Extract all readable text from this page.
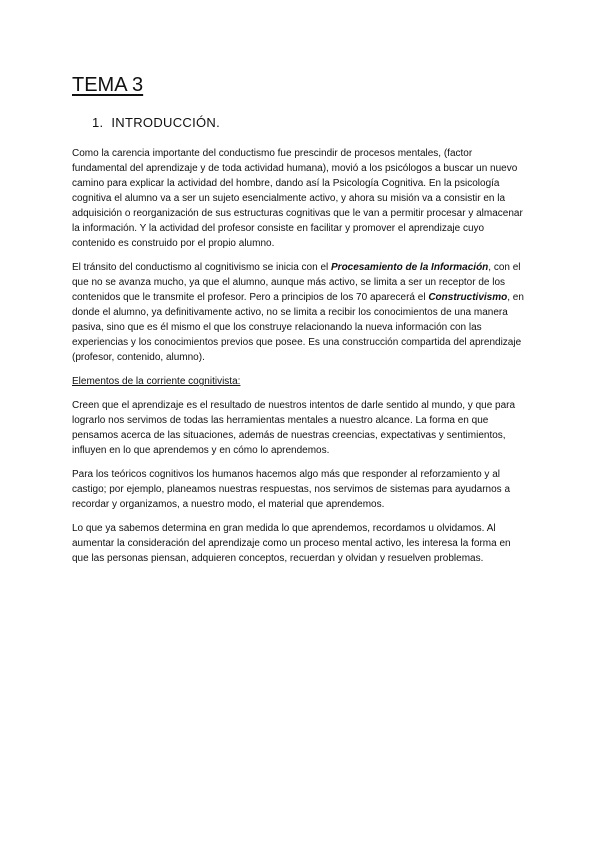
TEMA 3
1. INTRODUCCIÓN.

Como la carencia importante del conductismo fue prescindir de procesos mentales, (factor fundamental del aprendizaje y de toda actividad humana), movió a los psicólogos a buscar un nuevo camino para explicar la actividad del hombre, dando así la Psicología Cognitiva. En la psicología cognitiva el alumno va a ser un sujeto esencialmente activo, y ahora su misión va a consistir en la adquisición o reorganización de sus estructuras cognitivas que le van a permitir procesar y almacenar la información. Y la actividad del profesor consiste en facilitar y promover el aprendizaje cuyo contenido es construido por el propio alumno.

El tránsito del conductismo al cognitivismo se inicia con el Procesamiento de la Información, con el que no se avanza mucho, ya que el alumno, aunque más activo, se limita a ser un receptor de los contenidos que le transmite el profesor. Pero a principios de los 70 aparecerá el Constructivismo, en donde el alumno, ya definitivamente activo, no se limita a recibir los conocimientos de una manera pasiva, sino que es él mismo el que los construye relacionando la nueva información con las experiencias y los conocimientos previos que posee. Es una construcción compartida del aprendizaje (profesor, contenido, alumno).

Elementos de la corriente cognitivista:

Creen que el aprendizaje es el resultado de nuestros intentos de darle sentido al mundo, y que para lograrlo nos servimos de todas las herramientas mentales a nuestro alcance. La forma en que pensamos acerca de las situaciones, además de nuestras creencias, expectativas y sentimientos, influyen en lo que aprendemos y en cómo lo aprendemos.

Para los teóricos cognitivos los humanos hacemos algo más que responder al reforzamiento y al castigo; por ejemplo, planeamos nuestras respuestas, nos servimos de sistemas para ayudarnos a recordar y organizamos, a nuestro modo, el material que aprendemos.

Lo que ya sabemos determina en gran medida lo que aprendemos, recordamos u olvidamos. Al aumentar la consideración del aprendizaje como un proceso mental activo, les interesa la forma en que las personas piensan, adquieren conceptos, recuerdan y olvidan y resuelven problemas.
